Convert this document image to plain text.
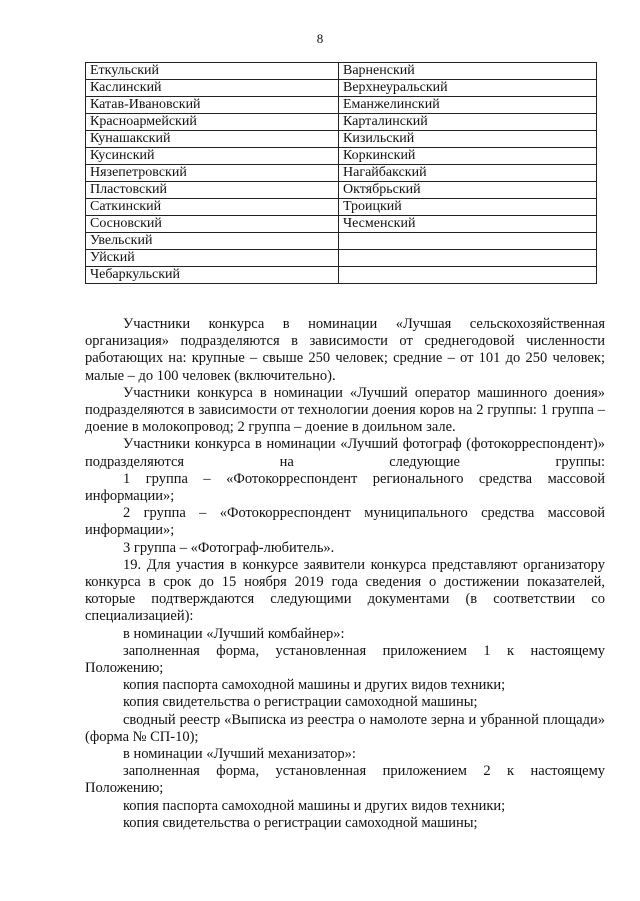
8
Еткульский	Варненский
Каслинский	Верхнеуральский
Катав-Ивановский	Еманжелинский
Красноармейский	Карталинский
Кунашакский	Кизильский
Кусинский	Коркинский
Нязепетровский	Нагайбакский
Пластовский	Октябрьский
Саткинский	Троицкий
Сосновский	Чесменский
Увельский	
Уйский	
Чебаркульский	

Участники конкурса в номинации «Лучшая сельскохозяйственная организация» подразделяются в зависимости от среднегодовой численности работающих на: крупные – свыше 250 человек; средние – от 101 до 250 человек; малые – до 100 человек (включительно).

Участники конкурса в номинации «Лучший оператор машинного доения» подразделяются в зависимости от технологии доения коров на 2 группы: 1 группа – доение в молокопровод; 2 группа – доение в доильном зале.

Участники конкурса в номинации «Лучший фотограф (фотокорреспондент)» подразделяются на следующие группы:

1 группа – «Фотокорреспондент регионального средства массовой информации»;

2 группа – «Фотокорреспондент муниципального средства массовой информации»;

3 группа – «Фотограф-любитель».

19. Для участия в конкурсе заявители конкурса представляют организатору конкурса в срок до 15 ноября 2019 года сведения о достижении показателей, которые подтверждаются следующими документами (в соответствии со специализацией):

в номинации «Лучший комбайнер»:

заполненная форма, установленная приложением 1 к настоящему Положению;

копия паспорта самоходной машины и других видов техники;

копия свидетельства о регистрации самоходной машины;

сводный реестр «Выписка из реестра о намолоте зерна и убранной площади» (форма № СП-10);

в номинации «Лучший механизатор»:

заполненная форма, установленная приложением 2 к настоящему Положению;

копия паспорта самоходной машины и других видов техники;

копия свидетельства о регистрации самоходной машины;
